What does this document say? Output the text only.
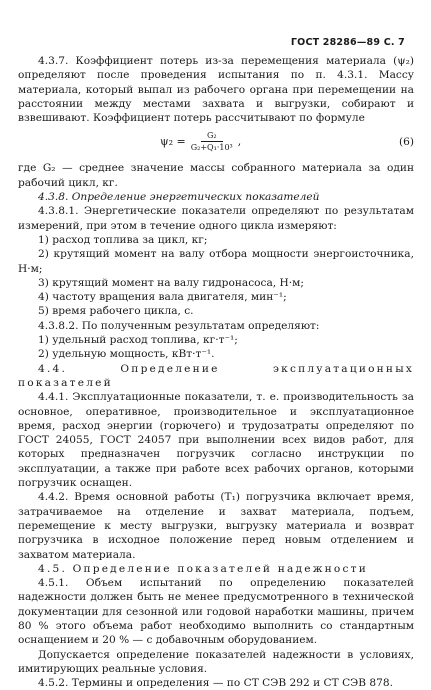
ГОСТ 28286—89 С. 7

4.3.7. Коэффициент потерь из-за перемещения материала (ψ₂) определяют после проведения испытания по п. 4.3.1. Массу материала, который выпал из рабочего органа при перемещении на расстоянии между местами захвата и выгрузки, собирают и взвешивают. Коэффициент потерь рассчитывают по формуле

$\psi_2 = \frac{\text{G₂}}{\text{G₂+Q₁·10³}}$ ,	(6)

где G₂ — среднее значение массы собранного материала за один рабочий цикл, кг.

4.3.8. Определение энергетических показателей

4.3.8.1. Энергетические показатели определяют по результатам измерений, при этом в течение одного цикла измеряют:

1) расход топлива за цикл, кг;

2) крутящий момент на валу отбора мощности энергоисточника, Н·м;

3) крутящий момент на валу гидронасоса, Н·м;

4) частоту вращения вала двигателя, мин⁻¹;

5) время рабочего цикла, с.

4.3.8.2. По полученным результатам определяют:

1) удельный расход топлива, кг·т⁻¹;

2) удельную мощность, кВт·т⁻¹.

4.4. Определение эксплуатационных показателей

4.4.1. Эксплуатационные показатели, т. е. производительность за основное, оперативное, производительное и эксплуатационное время, расход энергии (горючего) и трудозатраты определяют по ГОСТ 24055, ГОСТ 24057 при выполнении всех видов работ, для которых предназначен погрузчик согласно инструкции по эксплуатации, а также при работе всех рабочих органов, которыми погрузчик оснащен.

4.4.2. Время основной работы (T₁) погрузчика включает время, затрачиваемое на отделение и захват материала, подъем, перемещение к месту выгрузки, выгрузку материала и возврат погрузчика в исходное положение перед новым отделением и захватом материала.

4.5. Определение показателей надежности

4.5.1. Объем испытаний по определению показателей надежности должен быть не менее предусмотренного в технической документации для сезонной или годовой наработки машины, причем 80 % этого объема работ необходимо выполнить со стандартным оснащением и 20 % — с добавочным оборудованием.

Допускается определение показателей надежности в условиях, имитирующих реальные условия.

4.5.2. Термины и определения — по СТ СЭВ 292 и СТ СЭВ 878.
